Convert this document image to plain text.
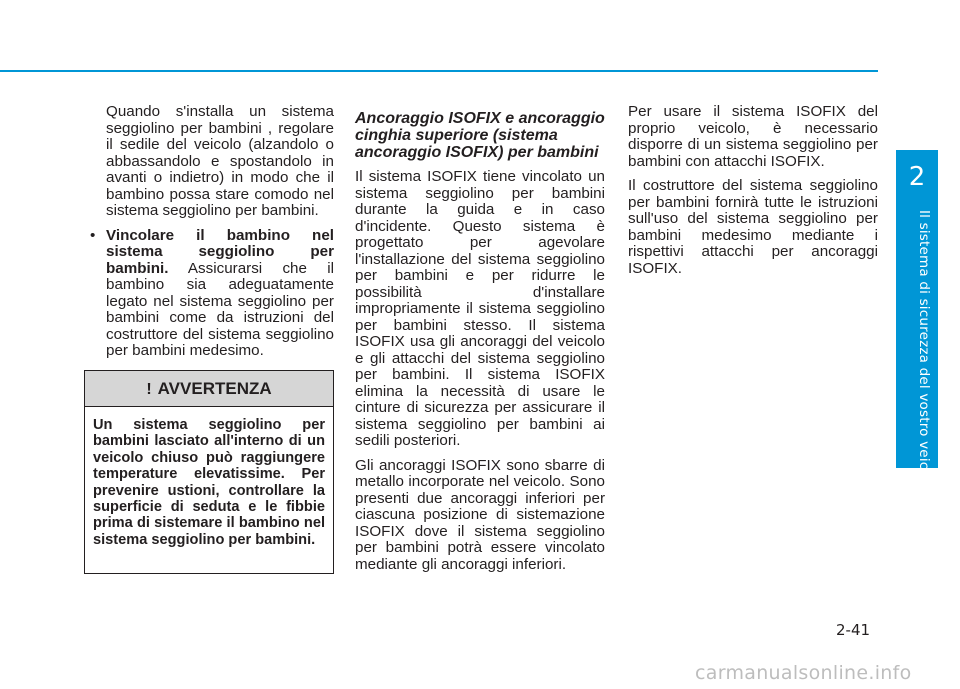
2
Il sistema di sicurezza del vostro veicolo

Quando s'installa un sistema seggiolino per bambini , regolare il sedile del veicolo (alzandolo o abbassandolo e spostandolo in avanti o indietro) in modo che il bambino possa stare comodo nel sistema seggiolino per bambini.

• Vincolare il bambino nel sistema seggiolino per bambini. Assicurarsi che il bambino sia adeguatamente legato nel sistema seggiolino per bambini come da istruzioni del costruttore del sistema seggiolino per bambini medesimo.

! AVVERTENZA
Un sistema seggiolino per bambini lasciato all'interno di un veicolo chiuso può raggiungere temperature elevatissime. Per prevenire ustioni, controllare la superficie di seduta e le fibbie prima di sistemare il bambino nel sistema seggiolino per bambini.

Ancoraggio ISOFIX e ancoraggio cinghia superiore (sistema ancoraggio ISOFIX) per bambini

Il sistema ISOFIX tiene vincolato un sistema seggiolino per bambini durante la guida e in caso d'incidente. Questo sistema è progettato per agevolare l'installazione del sistema seggiolino per bambini e per ridurre le possibilità d'installare impropriamente il sistema seggiolino per bambini stesso. Il sistema ISOFIX usa gli ancoraggi del veicolo e gli attacchi del sistema seggiolino per bambini. Il sistema ISOFIX elimina la necessità di usare le cinture di sicurezza per assicurare il sistema seggiolino per bambini ai sedili posteriori.

Gli ancoraggi ISOFIX sono sbarre di metallo incorporate nel veicolo. Sono presenti due ancoraggi inferiori per ciascuna posizione di sistemazione ISOFIX dove il sistema seggiolino per bambini potrà essere vincolato mediante gli ancoraggi inferiori.

Per usare il sistema ISOFIX del proprio veicolo, è necessario disporre di un sistema seggiolino per bambini con attacchi ISOFIX.

Il costruttore del sistema seggiolino per bambini fornirà tutte le istruzioni sull'uso del sistema seggiolino per bambini medesimo mediante i rispettivi attacchi per ancoraggi ISOFIX.

2-41
carmanualsonline.info
